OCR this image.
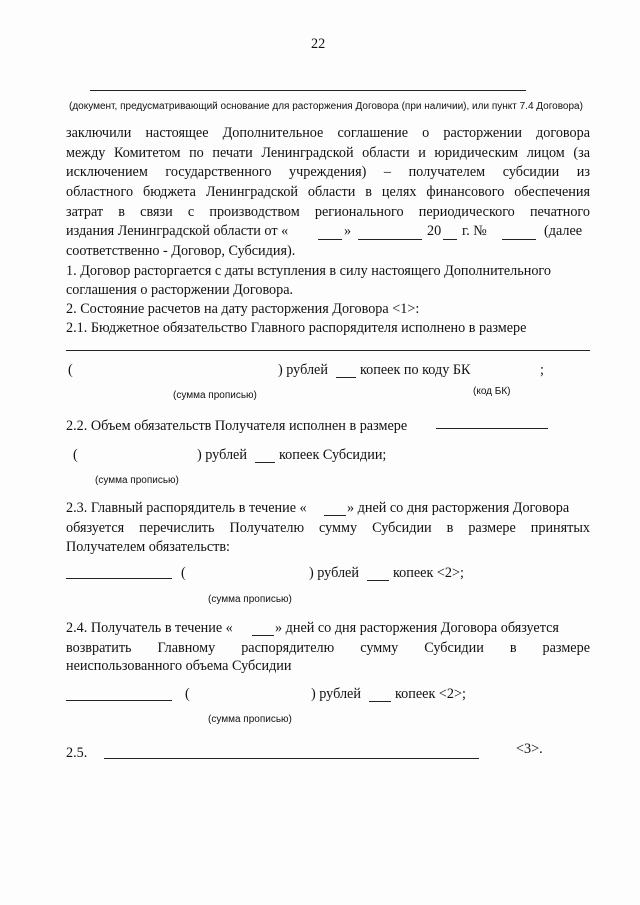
22
(документ, предусматривающий основание для расторжения Договора (при наличии), или пункт 7.4 Договора)
заключили настоящее Дополнительное соглашение о расторжении договора
между Комитетом по печати Ленинградской области и юридическим лицом (за
исключением государственного учреждения) – получателем субсидии из
областного бюджета Ленинградской области в целях финансового обеспечения
затрат в связи с производством регионального периодического печатного
издания Ленинградской области от «	»	20 г. №	(далее
соответственно - Договор, Субсидия).
1. Договор расторгается с даты вступления в силу настоящего Дополнительного
соглашения о расторжении Договора.
2. Состояние расчетов на дату расторжения Договора <1>:
2.1. Бюджетное обязательство Главного распорядителя исполнено в размере
(	) рублей копеек по коду БК	;
(сумма прописью)	(код БК)
2.2. Объем обязательств Получателя исполнен в размере
(	) рублей копеек Субсидии;
(сумма прописью)
2.3. Главный распорядитель в течение «	» дней со дня расторжения Договора
обязуется перечислить Получателю сумму Субсидии в размере принятых
Получателем обязательств:
(	) рублей копеек <2>;
(сумма прописью)
2.4. Получатель в течение «	» дней со дня расторжения Договора обязуется
возвратить Главному распорядителю сумму Субсидии в размере
неиспользованного объема Субсидии
(	) рублей копеек <2>;
(сумма прописью)
2.5.	<3>.
